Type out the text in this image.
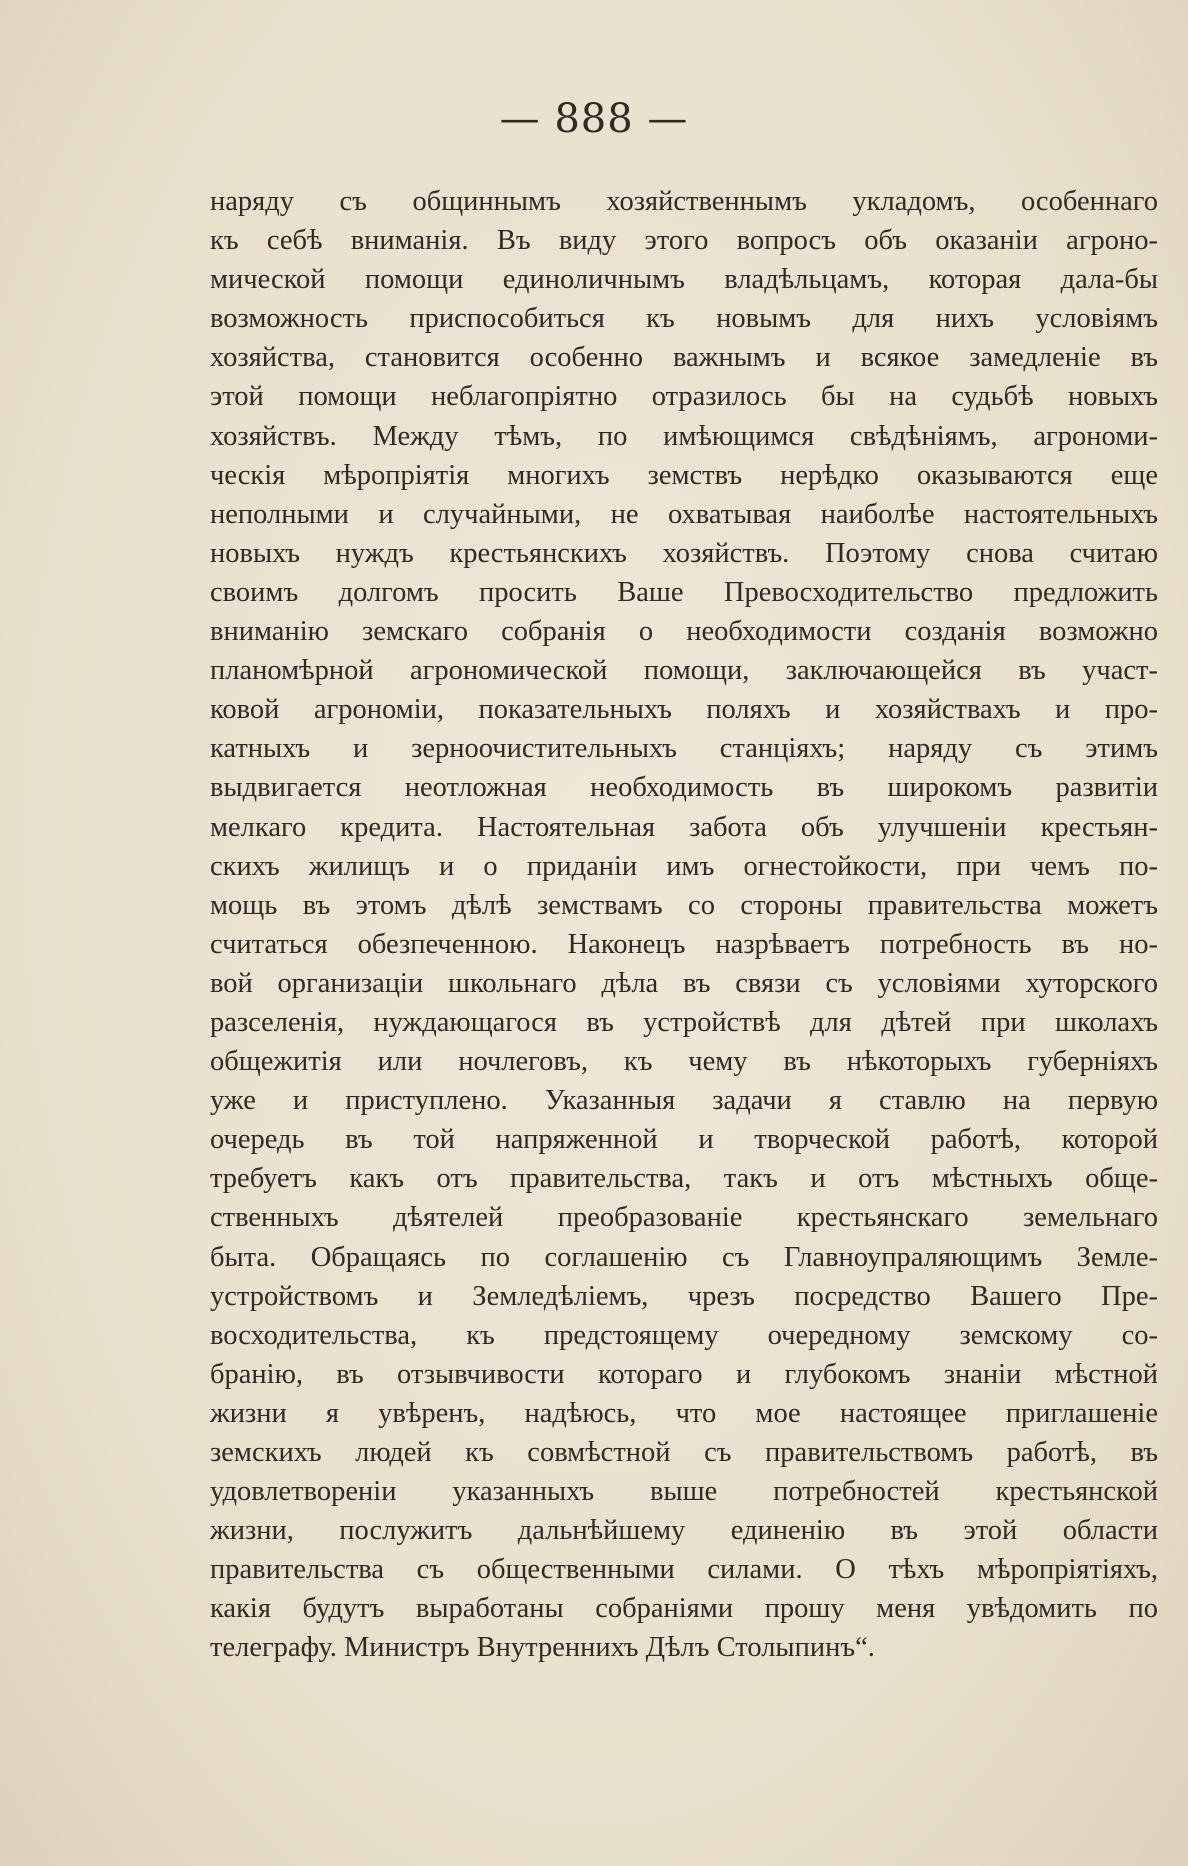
— 888 —
наряду съ общиннымъ хозяйственнымъ укладомъ, особеннаго
къ себѣ вниманія. Въ виду этого вопросъ объ оказаніи агроно-
мической помощи единоличнымъ владѣльцамъ, которая дала-бы
возможность приспособиться къ новымъ для нихъ условіямъ
хозяйства, становится особенно важнымъ и всякое замедленіе въ
этой помощи неблагопріятно отразилось бы на судьбѣ новыхъ
хозяйствъ. Между тѣмъ, по имѣющимся свѣдѣніямъ, агрономи-
ческія мѣропріятія многихъ земствъ нерѣдко оказываются еще
неполными и случайными, не охватывая наиболѣе настоятельныхъ
новыхъ нуждъ крестьянскихъ хозяйствъ. Поэтому снова считаю
своимъ долгомъ просить Ваше Превосходительство предложить
вниманію земскаго собранія о необходимости созданія возможно
планомѣрной агрономической помощи, заключающейся въ участ-
ковой агрономіи, показательныхъ поляхъ и хозяйствахъ и про-
катныхъ и зерноочистительныхъ станціяхъ; наряду съ этимъ
выдвигается неотложная необходимость въ широкомъ развитіи
мелкаго кредита. Настоятельная забота объ улучшеніи крестьян-
скихъ жилищъ и о приданіи имъ огнестойкости, при чемъ по-
мощь въ этомъ дѣлѣ земствамъ со стороны правительства можетъ
считаться обезпеченною. Наконецъ назрѣваетъ потребность въ но-
вой организаціи школьнаго дѣла въ связи съ условіями хуторского
разселенія, нуждающагося въ устройствѣ для дѣтей при школахъ
общежитія или ночлеговъ, къ чему въ нѣкоторыхъ губерніяхъ
уже и приступлено. Указанныя задачи я ставлю на первую
очередь въ той напряженной и творческой работѣ, которой
требуетъ какъ отъ правительства, такъ и отъ мѣстныхъ обще-
ственныхъ дѣятелей преобразованіе крестьянскаго земельнаго
быта. Обращаясь по соглашенію съ Главноупраляющимъ Земле-
устройствомъ и Земледѣліемъ, чрезъ посредство Вашего Пре-
восходительства, къ предстоящему очередному земскому со-
бранію, въ отзывчивости котораго и глубокомъ знаніи мѣстной
жизни я увѣренъ, надѣюсь, что мое настоящее приглашеніе
земскихъ людей къ совмѣстной съ правительствомъ работѣ, въ
удовлетвореніи указанныхъ выше потребностей крестьянской
жизни, послужитъ дальнѣйшему единенію въ этой области
правительства съ общественными силами. О тѣхъ мѣропріятіяхъ,
какія будутъ выработаны собраніями прошу меня увѣдомить по
телеграфу. Министръ Внутреннихъ Дѣлъ Столыпинъ“.
